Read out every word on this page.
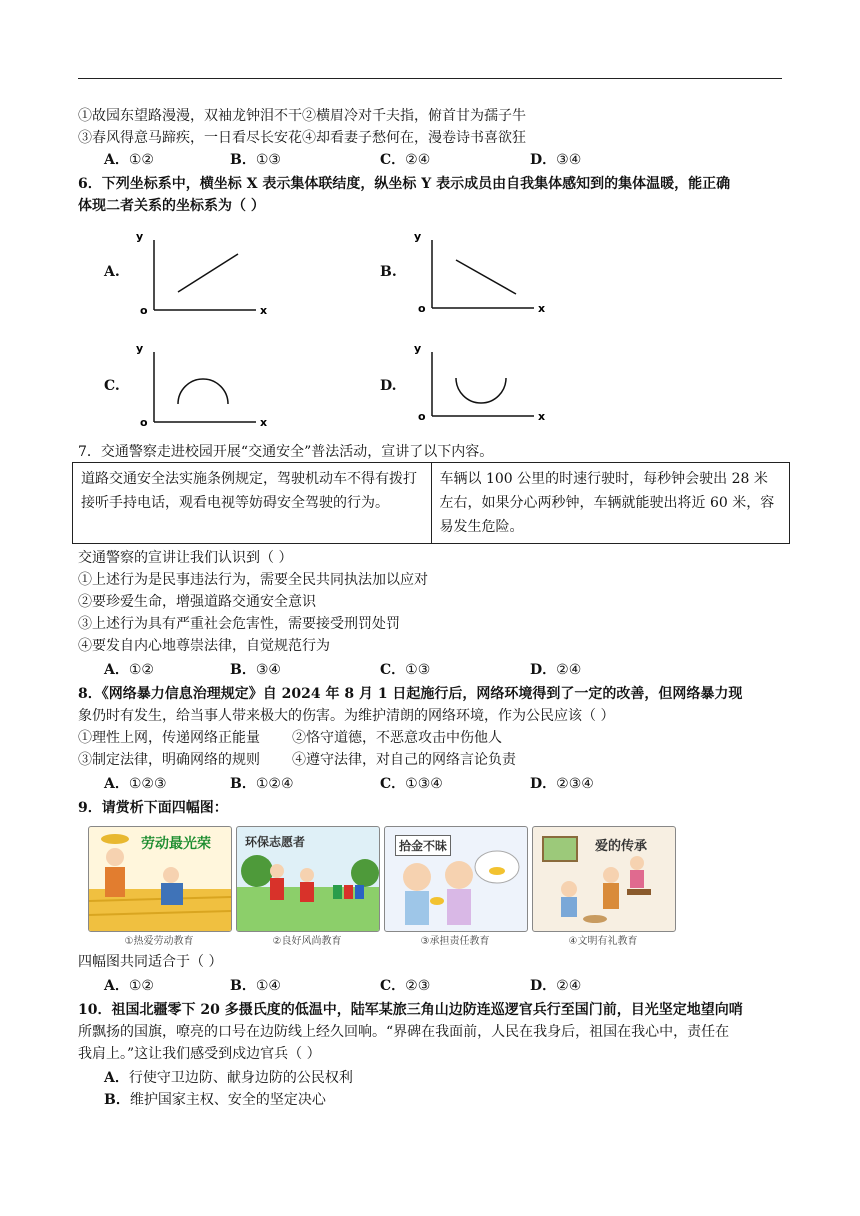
①故园东望路漫漫，双袖龙钟泪不干②横眉冷对千夫指，俯首甘为孺子牛
③春风得意马蹄疾，一日看尽长安花④却看妻子愁何在，漫卷诗书喜欲狂
A．①②	B．①③	C．②④	D．③④
6．下列坐标系中，横坐标 X 表示集体联结度，纵坐标 Y 表示成员由自我集体感知到的集体温暖，能正确
体现二者关系的坐标系为（ ）
A.
y
o	x
B.
y
o	x
C.
y
o	x
D.
y
o	x
7．交通警察走进校园开展“交通安全”普法活动，宣讲了以下内容。
道路交通安全法实施条例规定，驾驶机动车不得有拨打接听手持电话，观看电视等妨碍安全驾驶的行为。	车辆以 100 公里的时速行驶时，每秒钟会驶出 28 米左右，如果分心两秒钟，车辆就能驶出将近 60 米，容易发生危险。
交通警察的宣讲让我们认识到（ ）
①上述行为是民事违法行为，需要全民共同执法加以应对
②要珍爱生命，增强道路交通安全意识
③上述行为具有严重社会危害性，需要接受刑罚处罚
④要发自内心地尊崇法律，自觉规范行为
A．①②	B．③④	C．①③	D．②④
8．《网络暴力信息治理规定》自 2024 年 8 月 1 日起施行后，网络环境得到了一定的改善，但网络暴力现
象仍时有发生，给当事人带来极大的伤害。为维护清朗的网络环境，作为公民应该（ ）
①理性上网，传递网络正能量 ②恪守道德，不恶意攻击中伤他人
③制定法律，明确网络的规则 ④遵守法律，对自己的网络言论负责
A．①②③	B．①②④	C．①③④	D．②③④
9．请赏析下面四幅图：
劳动最光荣	环保志愿者	拾金不昧	爱的传承
①热爱劳动教育	②良好风尚教育	③承担责任教育	④文明有礼教育
四幅图共同适合于（ ）
A．①②	B．①④	C．②③	D．②④
10．祖国北疆零下 20 多摄氏度的低温中，陆军某旅三角山边防连巡逻官兵行至国门前，目光坚定地望向哨
所飘扬的国旗，嘹亮的口号在边防线上经久回响。“界碑在我面前，人民在我身后，祖国在我心中，责任在
我肩上。”这让我们感受到戍边官兵（ ）
A．行使守卫边防、献身边防的公民权利
B．维护国家主权、安全的坚定决心
